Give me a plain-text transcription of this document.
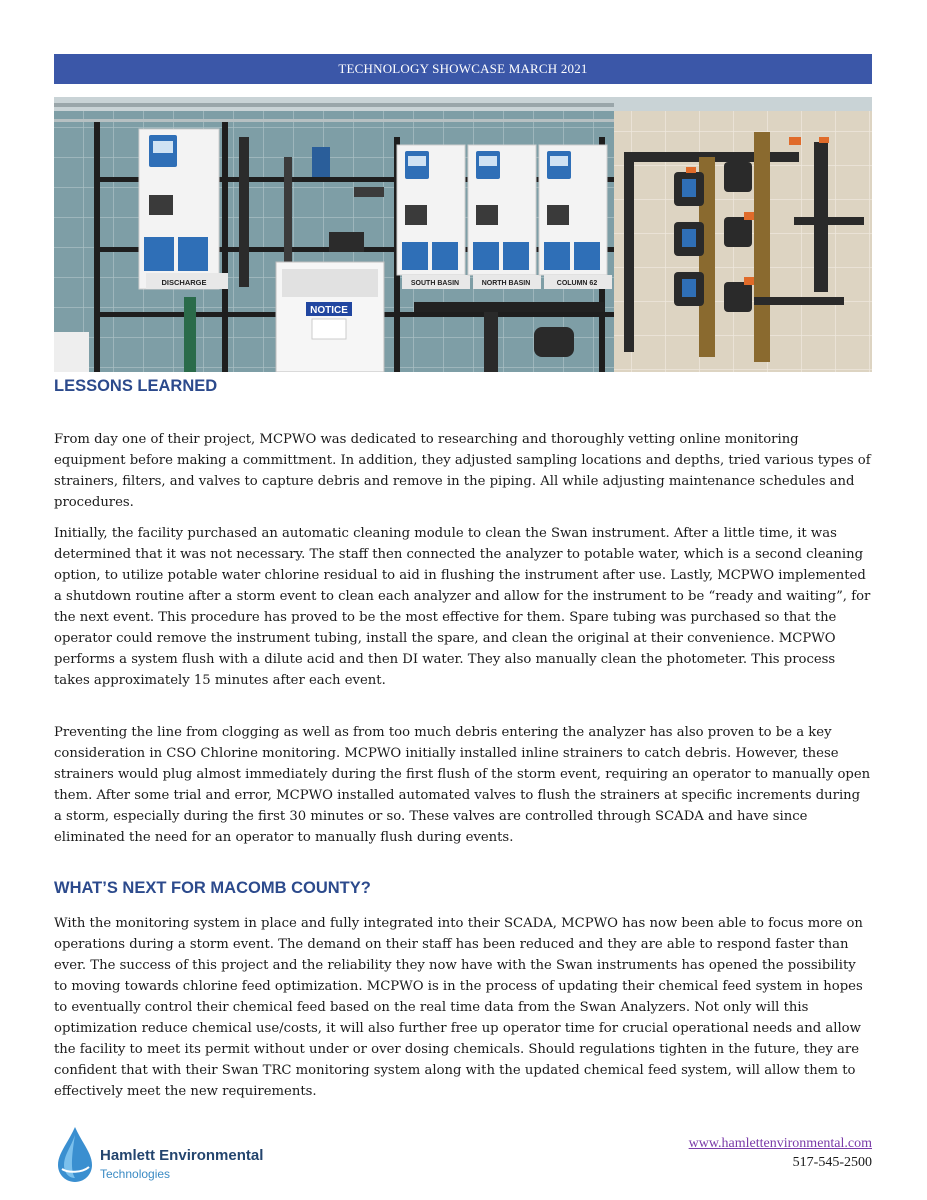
TECHNOLOGY SHOWCASE MARCH 2021
DISCHARGE	SOUTH BASIN	NORTH BASIN	COLUMN 62
NOTICE
LESSONS LEARNED

From day one of their project, MCPWO was dedicated to researching and thoroughly vetting online monitoring equipment before making a committment. In addition, they adjusted sampling locations and depths, tried various types of strainers, filters, and valves to capture debris and remove in the piping. All while adjusting maintenance schedules and procedures.

Initially, the facility purchased an automatic cleaning module to clean the Swan instrument. After a little time, it was determined that it was not necessary. The staff then connected the analyzer to potable water, which is a second cleaning option, to utilize potable water chlorine residual to aid in flushing the instrument after use. Lastly, MCPWO implemented a shutdown routine after a storm event to clean each analyzer and allow for the instrument to be “ready and waiting”, for the next event. This procedure has proved to be the most effective for them. Spare tubing was purchased so that the operator could remove the instrument tubing, install the spare, and clean the original at their convenience. MCPWO performs a system flush with a dilute acid and then DI water. They also manually clean the photometer. This process takes approximately 15 minutes after each event.

Preventing the line from clogging as well as from too much debris entering the analyzer has also proven to be a key consideration in CSO Chlorine monitoring. MCPWO initially installed inline strainers to catch debris. However, these strainers would plug almost immediately during the first flush of the storm event, requiring an operator to manually open them. After some trial and error, MCPWO installed automated valves to flush the strainers at specific increments during a storm, especially during the first 30 minutes or so. These valves are controlled through SCADA and have since eliminated the need for an operator to manually flush during events.

WHAT’S NEXT FOR MACOMB COUNTY?

With the monitoring system in place and fully integrated into their SCADA, MCPWO has now been able to focus more on operations during a storm event. The demand on their staff has been reduced and they are able to respond faster than ever. The success of this project and the reliability they now have with the Swan instruments has opened the possibility to moving towards chlorine feed optimization. MCPWO is in the process of updating their chemical feed system in hopes to eventually control their chemical feed based on the real time data from the Swan Analyzers. Not only will this optimization reduce chemical use/costs, it will also further free up operator time for crucial operational needs and allow the facility to meet its permit without under or over dosing chemicals. Should regulations tighten in the future, they are confident that with their Swan TRC monitoring system along with the updated chemical feed system, will allow them to effectively meet the new requirements.

Hamlett Environmental
Technologies
www.hamlettenvironmental.com
517-545-2500
